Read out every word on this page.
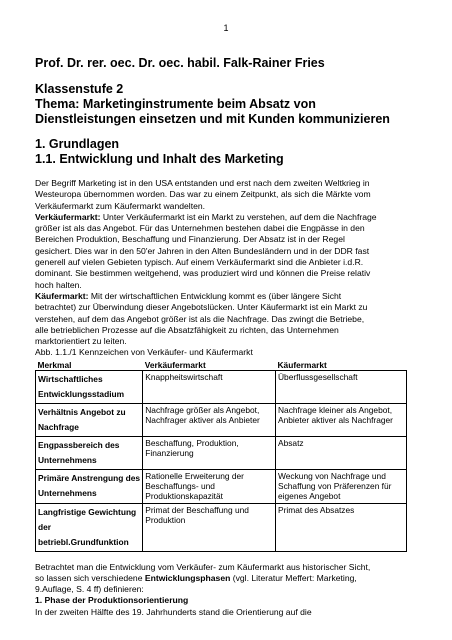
1
Prof. Dr. rer. oec. Dr. oec. habil. Falk-Rainer Fries
Klassenstufe 2
Thema: Marketinginstrumente beim Absatz von
Dienstleistungen einsetzen und mit Kunden kommunizieren
1. Grundlagen
1.1. Entwicklung und Inhalt des Marketing
Der Begriff Marketing ist in den USA entstanden und erst nach dem zweiten Weltkrieg in
Westeuropa übernommen worden. Das war zu einem Zeitpunkt, als sich die Märkte vom
Verkäufermarkt zum Käufermarkt wandelten.
Verkäufermarkt: Unter Verkäufermarkt ist ein Markt zu verstehen, auf dem die Nachfrage
größer ist als das Angebot. Für das Unternehmen bestehen dabei die Engpässe in den
Bereichen Produktion, Beschaffung und Finanzierung. Der Absatz ist in der Regel
gesichert. Dies war in den 50'er Jahren in den Alten Bundesländern und in der DDR fast
generell auf vielen Gebieten typisch. Auf einem Verkäufermarkt sind die Anbieter i.d.R.
dominant. Sie bestimmen weitgehend, was produziert wird und können die Preise relativ
hoch halten.
Käufermarkt: Mit der wirtschaftlichen Entwicklung kommt es (über längere Sicht
betrachtet) zur Überwindung dieser Angebotslücken. Unter Käufermarkt ist ein Markt zu
verstehen, auf dem das Angebot größer ist als die Nachfrage. Das zwingt die Betriebe,
alle betrieblichen Prozesse auf die Absatzfähigkeit zu richten, das Unternehmen
marktorientiert zu leiten.
Abb. 1.1./1 Kennzeichen von Verkäufer- und Käufermarkt
Merkmal	Verkäufermarkt	Käufermarkt
Wirtschaftliches Entwicklungsstadium	Knappheitswirtschaft	Überflussgesellschaft
Verhältnis Angebot zu Nachfrage	Nachfrage größer als Angebot, Nachfrager aktiver als Anbieter	Nachfrage kleiner als Angebot, Anbieter aktiver als Nachfrager
Engpassbereich des Unternehmens	Beschaffung, Produktion, Finanzierung	Absatz
Primäre Anstrengung des Unternehmens	Rationelle Erweiterung der Beschaffungs- und Produktionskapazität	Weckung von Nachfrage und Schaffung von Präferenzen für eigenes Angebot
Langfristige Gewichtung der betriebl.Grundfunktion	Primat der Beschaffung und Produktion	Primat des Absatzes
Betrachtet man die Entwicklung vom Verkäufer- zum Käufermarkt aus historischer Sicht,
so lassen sich verschiedene Entwicklungsphasen (vgl. Literatur Meffert: Marketing,
9.Auflage, S. 4 ff) definieren:
1. Phase der Produktionsorientierung
In der zweiten Hälfte des 19. Jahrhunderts stand die Orientierung auf die
